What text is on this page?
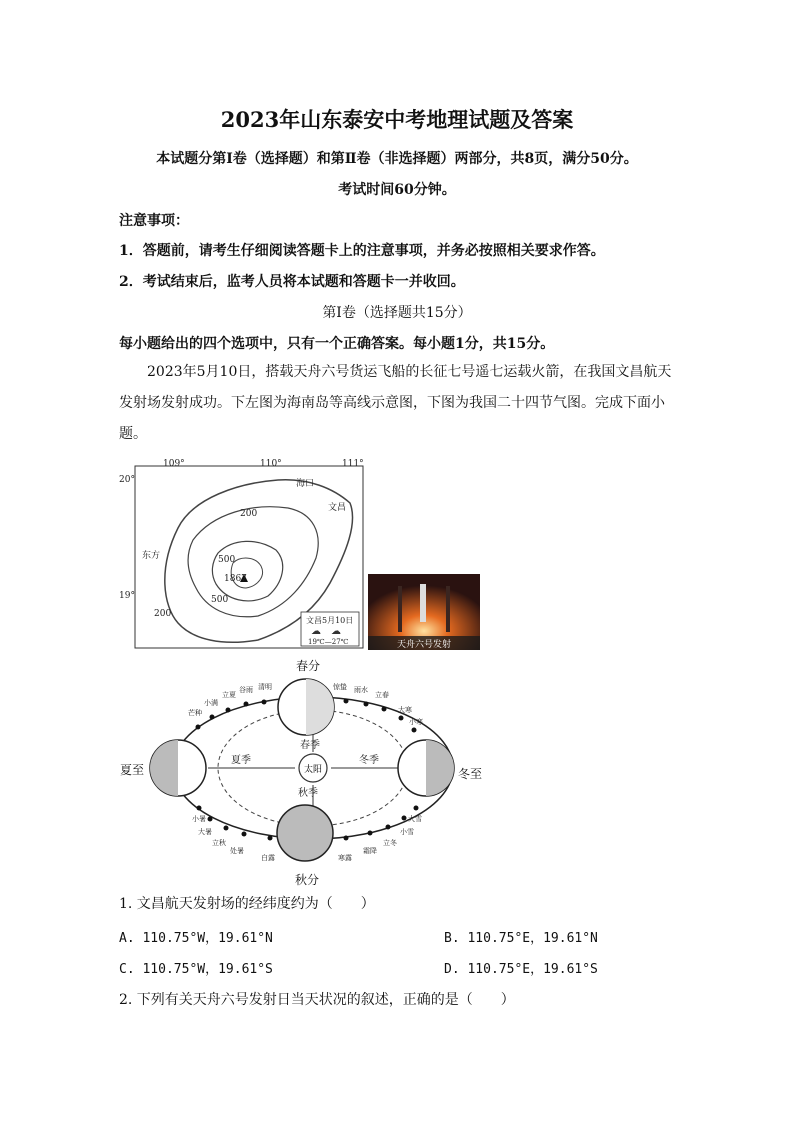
2023年山东泰安中考地理试题及答案
本试题分第Ⅰ卷（选择题）和第Ⅱ卷（非选择题）两部分，共8页，满分50分。
考试时间60分钟。
注意事项：
1．答题前，请考生仔细阅读答题卡上的注意事项，并务必按照相关要求作答。
2．考试结束后，监考人员将本试题和答题卡一并收回。
第Ⅰ卷（选择题共15分）
每小题给出的四个选项中，只有一个正确答案。每小题1分，共15分。
2023年5月10日，搭载天舟六号货运飞船的长征七号遥七运载火箭，在我国文昌航天发射场发射成功。下左图为海南岛等高线示意图，下图为我国二十四节气图。完成下面小题。
109°	110°	111°
20°
19°
海口
文昌
东方
200
200
500
500
1867
文昌5月10日
☁ ☁
19℃—27℃	天舟六号发射
太阳
春分
夏至	冬至
秋分
春季
夏季	冬季
秋季
清明
谷雨
立夏
小满
芒种
惊蛰 雨水
立春
大寒
小寒
小暑
大暑
立秋
处暑
白露	寒露
霜降
立冬
小雪
大雪
1. 文昌航天发射场的经纬度约为（　　）
A. 110.75°W，19.61°N	B. 110.75°E，19.61°N
C. 110.75°W，19.61°S	D. 110.75°E，19.61°S
2. 下列有关天舟六号发射日当天状况的叙述，正确的是（　　）
